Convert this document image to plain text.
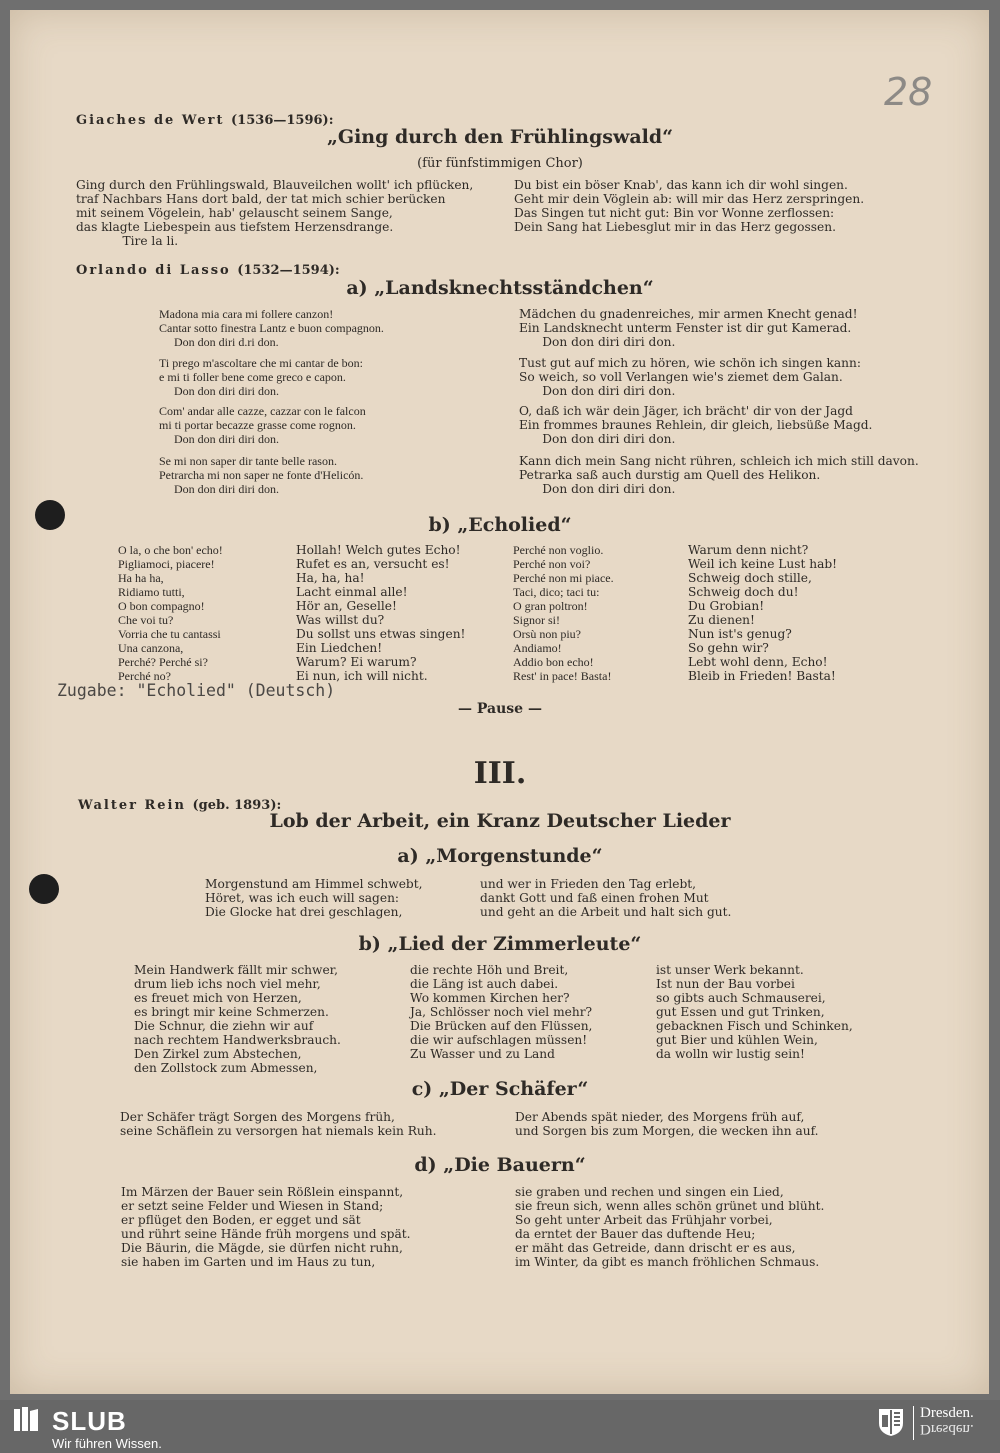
28
Giaches de Wert (1536—1596):
„Ging durch den Frühlingswald“
(für fünfstimmigen Chor)
Ging durch den Frühlingswald, Blauveilchen wollt' ich pflücken,
traf Nachbars Hans dort bald, der tat mich schier berücken
mit seinem Vögelein, hab' gelauscht seinem Sange,
das klagte Liebespein aus tiefstem Herzensdrange.
Tire la li.
Du bist ein böser Knab', das kann ich dir wohl singen.
Geht mir dein Vöglein ab: will mir das Herz zerspringen.
Das Singen tut nicht gut: Bin vor Wonne zerflossen:
Dein Sang hat Liebesglut mir in das Herz gegossen.
Orlando di Lasso (1532—1594):
a) „Landsknechtsständchen“
Madona mia cara mi follere canzon!
Cantar sotto finestra Lantz e buon compagnon.
Don don diri d.ri don.
Ti prego m'ascoltare che mi cantar de bon:
e mi ti foller bene come greco e capon.
Don don diri diri don.
Com' andar alle cazze, cazzar con le falcon
mi ti portar becazze grasse come rognon.
Don don diri diri don.
Se mi non saper dir tante belle rason.
Petrarcha mi non saper ne fonte d'Helicón.
Don don diri diri don.
Mädchen du gnadenreiches, mir armen Knecht genad!
Ein Landsknecht unterm Fenster ist dir gut Kamerad.
Don don diri diri don.
Tust gut auf mich zu hören, wie schön ich singen kann:
So weich, so voll Verlangen wie's ziemet dem Galan.
Don don diri diri don.
O, daß ich wär dein Jäger, ich brächt' dir von der Jagd
Ein frommes braunes Rehlein, dir gleich, liebsüße Magd.
Don don diri diri don.
Kann dich mein Sang nicht rühren, schleich ich mich still davon.
Petrarka saß auch durstig am Quell des Helikon.
Don don diri diri don.
b) „Echolied“
O la, o che bon' echo!
Pigliamoci, piacere!
Ha ha ha,
Ridiamo tutti,
O bon compagno!
Che voi tu?
Vorria che tu cantassi
Una canzona,
Perché? Perché si?
Perché no?
Hollah! Welch gutes Echo!
Rufet es an, versucht es!
Ha, ha, ha!
Lacht einmal alle!
Hör an, Geselle!
Was willst du?
Du sollst uns etwas singen!
Ein Liedchen!
Warum? Ei warum?
Ei nun, ich will nicht.
Perché non voglio.
Perché non voi?
Perché non mi piace.
Taci, dico; taci tu:
O gran poltron!
Signor si!
Orsù non piu?
Andiamo!
Addio bon echo!
Rest' in pace! Basta!
Warum denn nicht?
Weil ich keine Lust hab!
Schweig doch stille,
Schweig doch du!
Du Grobian!
Zu dienen!
Nun ist's genug?
So gehn wir?
Lebt wohl denn, Echo!
Bleib in Frieden! Basta!
Zugabe: "Echolied" (Deutsch)
— Pause —
III.
Walter Rein (geb. 1893):
Lob der Arbeit, ein Kranz Deutscher Lieder
a) „Morgenstunde“
Morgenstund am Himmel schwebt,
Höret, was ich euch will sagen:
Die Glocke hat drei geschlagen,
und wer in Frieden den Tag erlebt,
dankt Gott und faß einen frohen Mut
und geht an die Arbeit und halt sich gut.
b) „Lied der Zimmerleute“
Mein Handwerk fällt mir schwer,
drum lieb ichs noch viel mehr,
es freuet mich von Herzen,
es bringt mir keine Schmerzen.
Die Schnur, die ziehn wir auf
nach rechtem Handwerksbrauch.
Den Zirkel zum Abstechen,
den Zollstock zum Abmessen,
die rechte Höh und Breit,
die Läng ist auch dabei.
Wo kommen Kirchen her?
Ja, Schlösser noch viel mehr?
Die Brücken auf den Flüssen,
die wir aufschlagen müssen!
Zu Wasser und zu Land
ist unser Werk bekannt.
Ist nun der Bau vorbei
so gibts auch Schmauserei,
gut Essen und gut Trinken,
gebacknen Fisch und Schinken,
gut Bier und kühlen Wein,
da wolln wir lustig sein!
c) „Der Schäfer“
Der Schäfer trägt Sorgen des Morgens früh,
seine Schäflein zu versorgen hat niemals kein Ruh.
Der Abends spät nieder, des Morgens früh auf,
und Sorgen bis zum Morgen, die wecken ihn auf.
d) „Die Bauern“
Im Märzen der Bauer sein Rößlein einspannt,
er setzt seine Felder und Wiesen in Stand;
er pflüget den Boden, er egget und sät
und rührt seine Hände früh morgens und spät.
Die Bäurin, die Mägde, sie dürfen nicht ruhn,
sie haben im Garten und im Haus zu tun,
sie graben und rechen und singen ein Lied,
sie freun sich, wenn alles schön grünet und blüht.
So geht unter Arbeit das Frühjahr vorbei,
da erntet der Bauer das duftende Heu;
er mäht das Getreide, dann drischt er es aus,
im Winter, da gibt es manch fröhlichen Schmaus.
SLUB
Wir führen Wissen.
Dresden.
Dresden.
